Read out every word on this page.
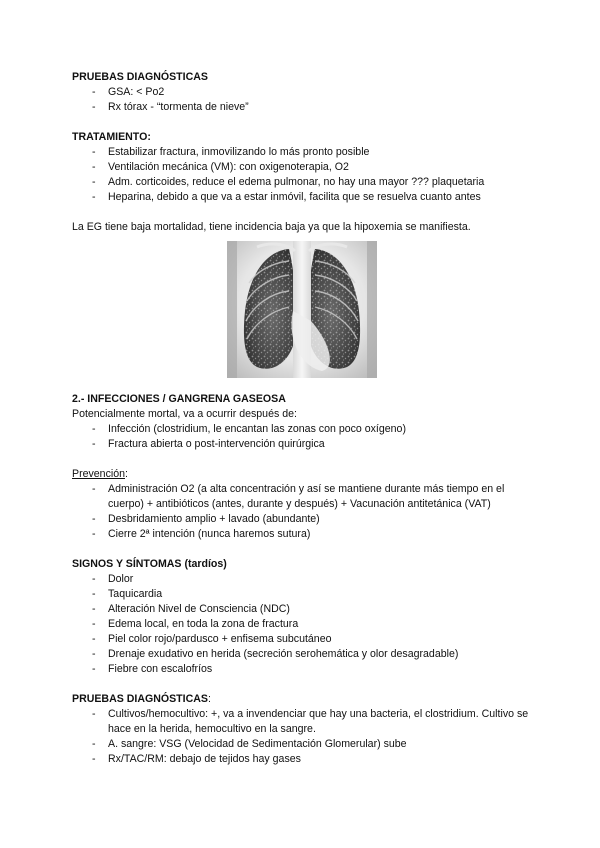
PRUEBAS DIAGNÓSTICAS

- GSA: < Po2
- Rx tórax - “tormenta de nieve”

TRATAMIENTO:

- Estabilizar fractura, inmovilizando lo más pronto posible
- Ventilación mecánica (VM): con oxigenoterapia, O2
- Adm. corticoides, reduce el edema pulmonar, no hay una mayor ??? plaquetaria
- Heparina, debido a que va a estar inmóvil, facilita que se resuelva cuanto antes

La EG tiene baja mortalidad, tiene incidencia baja ya que la hipoxemia se manifiesta.

2.- INFECCIONES / GANGRENA GASEOSA

Potencialmente mortal, va a ocurrir después de:

- Infección (clostridium, le encantan las zonas con poco oxígeno)
- Fractura abierta o post-intervención quirúrgica

Prevención:

- Administración O2 (a alta concentración y así se mantiene durante más tiempo en el cuerpo) + antibióticos (antes, durante y después) + Vacunación antitetánica (VAT)
- Desbridamiento amplio + lavado (abundante)
- Cierre 2ª intención (nunca haremos sutura)

SIGNOS Y SÍNTOMAS (tardíos)

- Dolor
- Taquicardia
- Alteración Nivel de Consciencia (NDC)
- Edema local, en toda la zona de fractura
- Piel color rojo/pardusco + enfisema subcutáneo
- Drenaje exudativo en herida (secreción serohemática y olor desagradable)
- Fiebre con escalofríos

PRUEBAS DIAGNÓSTICAS:

- Cultivos/hemocultivo: +, va a invendenciar que hay una bacteria, el clostridium. Cultivo se hace en la herida, hemocultivo en la sangre.
- A. sangre: VSG (Velocidad de Sedimentación Glomerular) sube
- Rx/TAC/RM: debajo de tejidos hay gases
